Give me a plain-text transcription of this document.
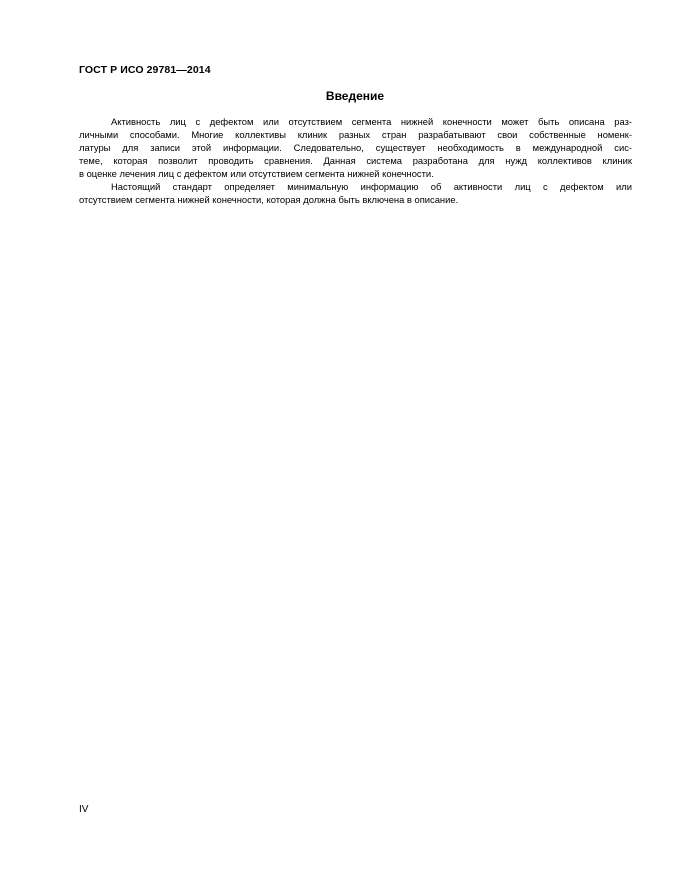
ГОСТ Р ИСО 29781—2014
Введение
Активность лиц с дефектом или отсутствием сегмента нижней конечности может быть описана раз-
личными способами. Многие коллективы клиник разных стран разрабатывают свои собственные номенк-
латуры для записи этой информации. Следовательно, существует необходимость в международной сис-
теме, которая позволит проводить сравнения. Данная система разработана для нужд коллективов клиник
в оценке лечения лиц с дефектом или отсутствием сегмента нижней конечности.
Настоящий стандарт определяет минимальную информацию об активности лиц с дефектом или
отсутствием сегмента нижней конечности, которая должна быть включена в описание.
IV
